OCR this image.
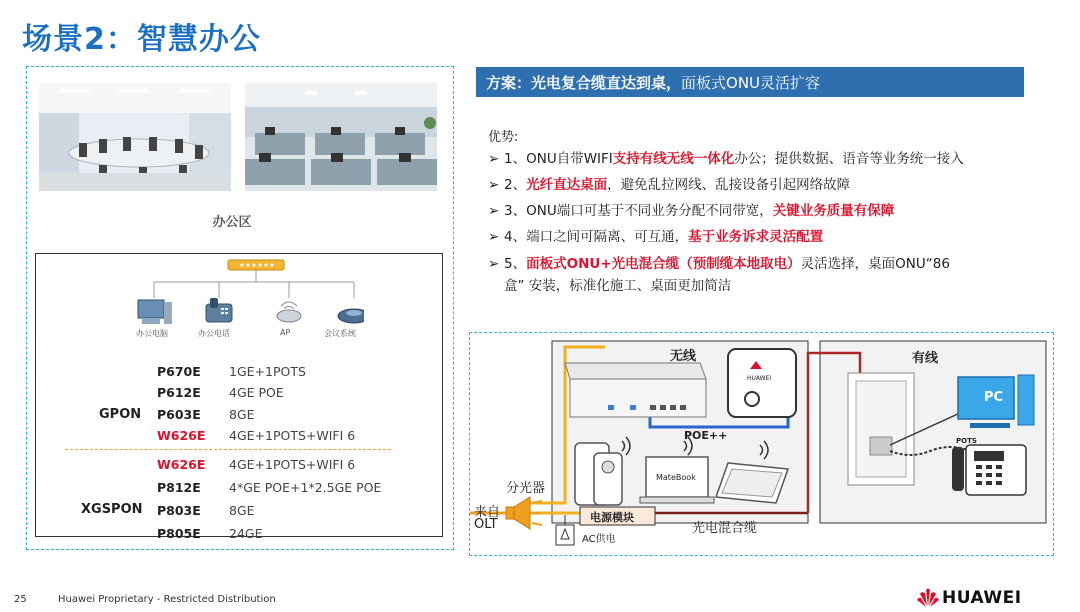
场景2：智慧办公
办公区
办公电脑	办公电话	AP	会议系统
GPON
P670E 1GE+1POTS
P612E 4GE POE
P603E 8GE
W626E 4GE+1POTS+WIFI 6
XGSPON
W626E 4GE+1POTS+WIFI 6
P812E 4*GE POE+1*2.5GE POE
P803E 8GE
P805E 24GE
方案：光电复合缆直达到桌，面板式ONU灵活扩容
优势:
➢ 1、ONU自带WIFI支持有线无线一体化办公；提供数据、语音等业务统一接入
➢ 2、光纤直达桌面，避免乱拉网线、乱接设备引起网络故障
➢ 3、ONU端口可基于不同业务分配不同带宽，关键业务质量有保障
➢ 4、端口之间可隔离、可互通，基于业务诉求灵活配置
➢ 5、面板式ONU+光电混合缆（预制缆本地取电）灵活选择，桌面ONU“86
盒” 安装，标准化施工、桌面更加简洁
无线	有线
POE++
HUAWEI
MateBook
PC
POTS
分光器
来自
OLT	电源模块
AC供电
光电混合缆
25	Huawei Proprietary - Restricted Distribution	HUAWEI
